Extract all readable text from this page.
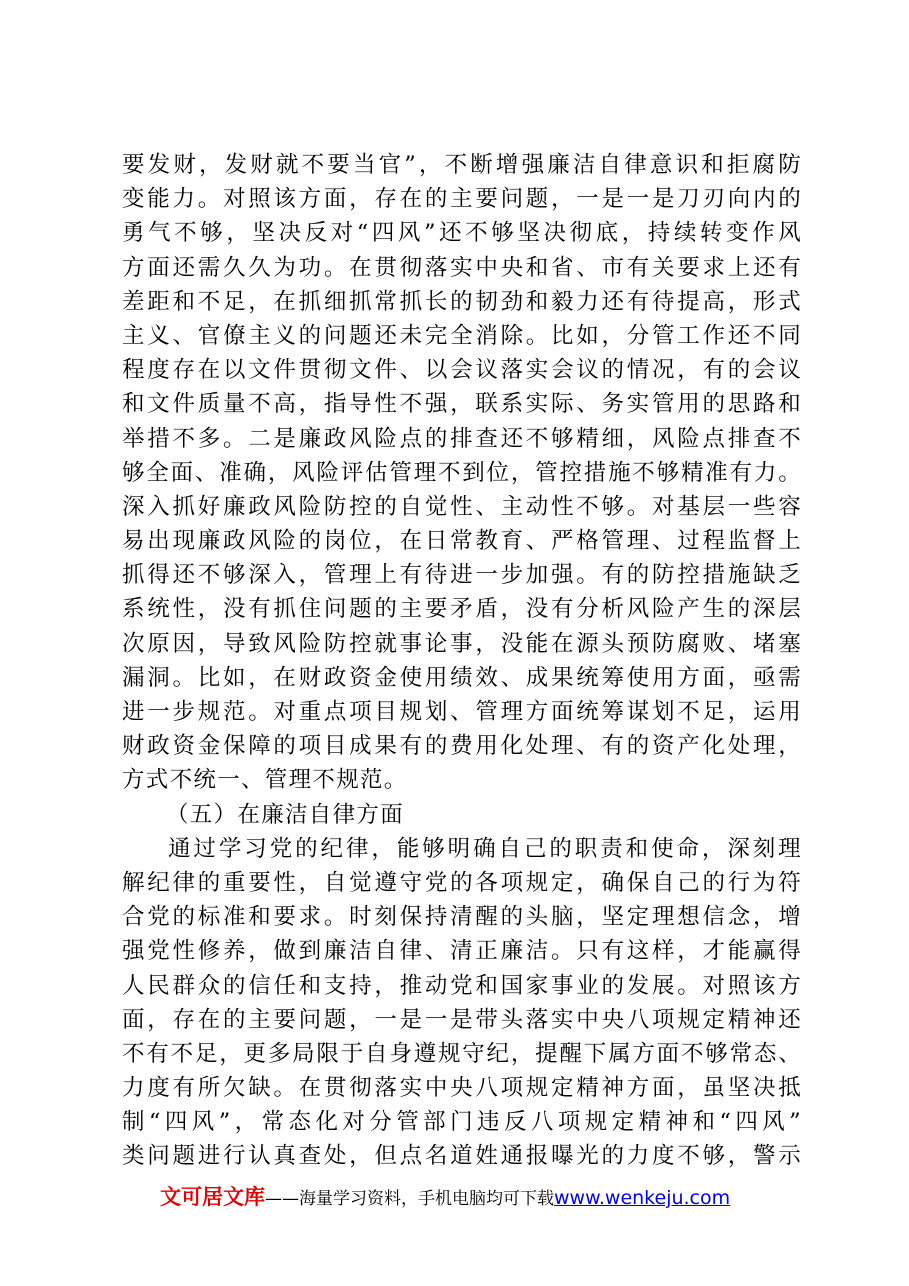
要发财，发财就不要当官”，不断增强廉洁自律意识和拒腐防
变能力。对照该方面，存在的主要问题，一是一是刀刃向内的
勇气不够，坚决反对“四风”还不够坚决彻底，持续转变作风
方面还需久久为功。在贯彻落实中央和省、市有关要求上还有
差距和不足，在抓细抓常抓长的韧劲和毅力还有待提高，形式
主义、官僚主义的问题还未完全消除。比如，分管工作还不同
程度存在以文件贯彻文件、以会议落实会议的情况，有的会议
和文件质量不高，指导性不强，联系实际、务实管用的思路和
举措不多。二是廉政风险点的排查还不够精细，风险点排查不
够全面、准确，风险评估管理不到位，管控措施不够精准有力。
深入抓好廉政风险防控的自觉性、主动性不够。对基层一些容
易出现廉政风险的岗位，在日常教育、严格管理、过程监督上
抓得还不够深入，管理上有待进一步加强。有的防控措施缺乏
系统性，没有抓住问题的主要矛盾，没有分析风险产生的深层
次原因，导致风险防控就事论事，没能在源头预防腐败、堵塞
漏洞。比如，在财政资金使用绩效、成果统筹使用方面，亟需
进一步规范。对重点项目规划、管理方面统筹谋划不足，运用
财政资金保障的项目成果有的费用化处理、有的资产化处理，
方式不统一、管理不规范。
（五）在廉洁自律方面
通过学习党的纪律，能够明确自己的职责和使命，深刻理
解纪律的重要性，自觉遵守党的各项规定，确保自己的行为符
合党的标准和要求。时刻保持清醒的头脑，坚定理想信念，增
强党性修养，做到廉洁自律、清正廉洁。只有这样，才能赢得
人民群众的信任和支持，推动党和国家事业的发展。对照该方
面，存在的主要问题，一是一是带头落实中央八项规定精神还
不有不足，更多局限于自身遵规守纪，提醒下属方面不够常态、
力度有所欠缺。在贯彻落实中央八项规定精神方面，虽坚决抵
制“四风”，常态化对分管部门违反八项规定精神和“四风”
类问题进行认真查处，但点名道姓通报曝光的力度不够，警示
文可居文库——海量学习资料，手机电脑均可下载www.wenkeju.com
